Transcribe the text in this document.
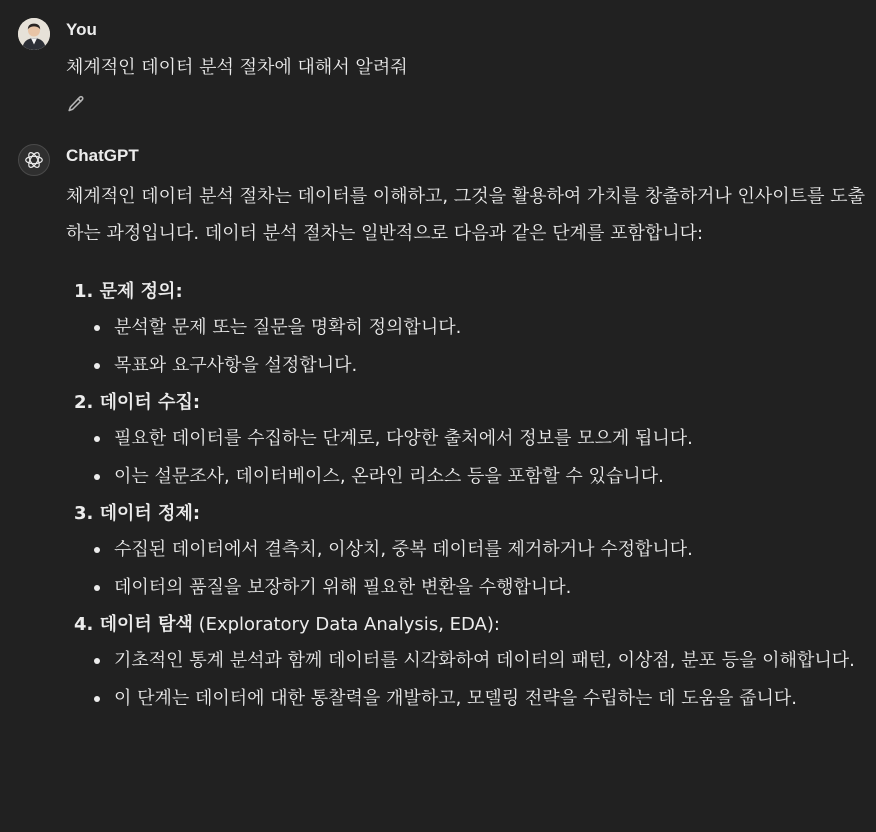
You
체계적인 데이터 분석 절차에 대해서 알려줘
ChatGPT

체계적인 데이터 분석 절차는 데이터를 이해하고, 그것을 활용하여 가치를 창출하거나 인사이트를 도출하는 과정입니다. 데이터 분석 절차는 일반적으로 다음과 같은 단계를 포함합니다:

1. 문제 정의:
분석할 문제 또는 질문을 명확히 정의합니다.
목표와 요구사항을 설정합니다.
2. 데이터 수집:
필요한 데이터를 수집하는 단계로, 다양한 출처에서 정보를 모으게 됩니다.
이는 설문조사, 데이터베이스, 온라인 리소스 등을 포함할 수 있습니다.
3. 데이터 정제:
수집된 데이터에서 결측치, 이상치, 중복 데이터를 제거하거나 수정합니다.
데이터의 품질을 보장하기 위해 필요한 변환을 수행합니다.
4. 데이터 탐색 (Exploratory Data Analysis, EDA):
기초적인 통계 분석과 함께 데이터를 시각화하여 데이터의 패턴, 이상점, 분포 등을 이해합니다.
이 단계는 데이터에 대한 통찰력을 개발하고, 모델링 전략을 수립하는 데 도움을 줍니다.
